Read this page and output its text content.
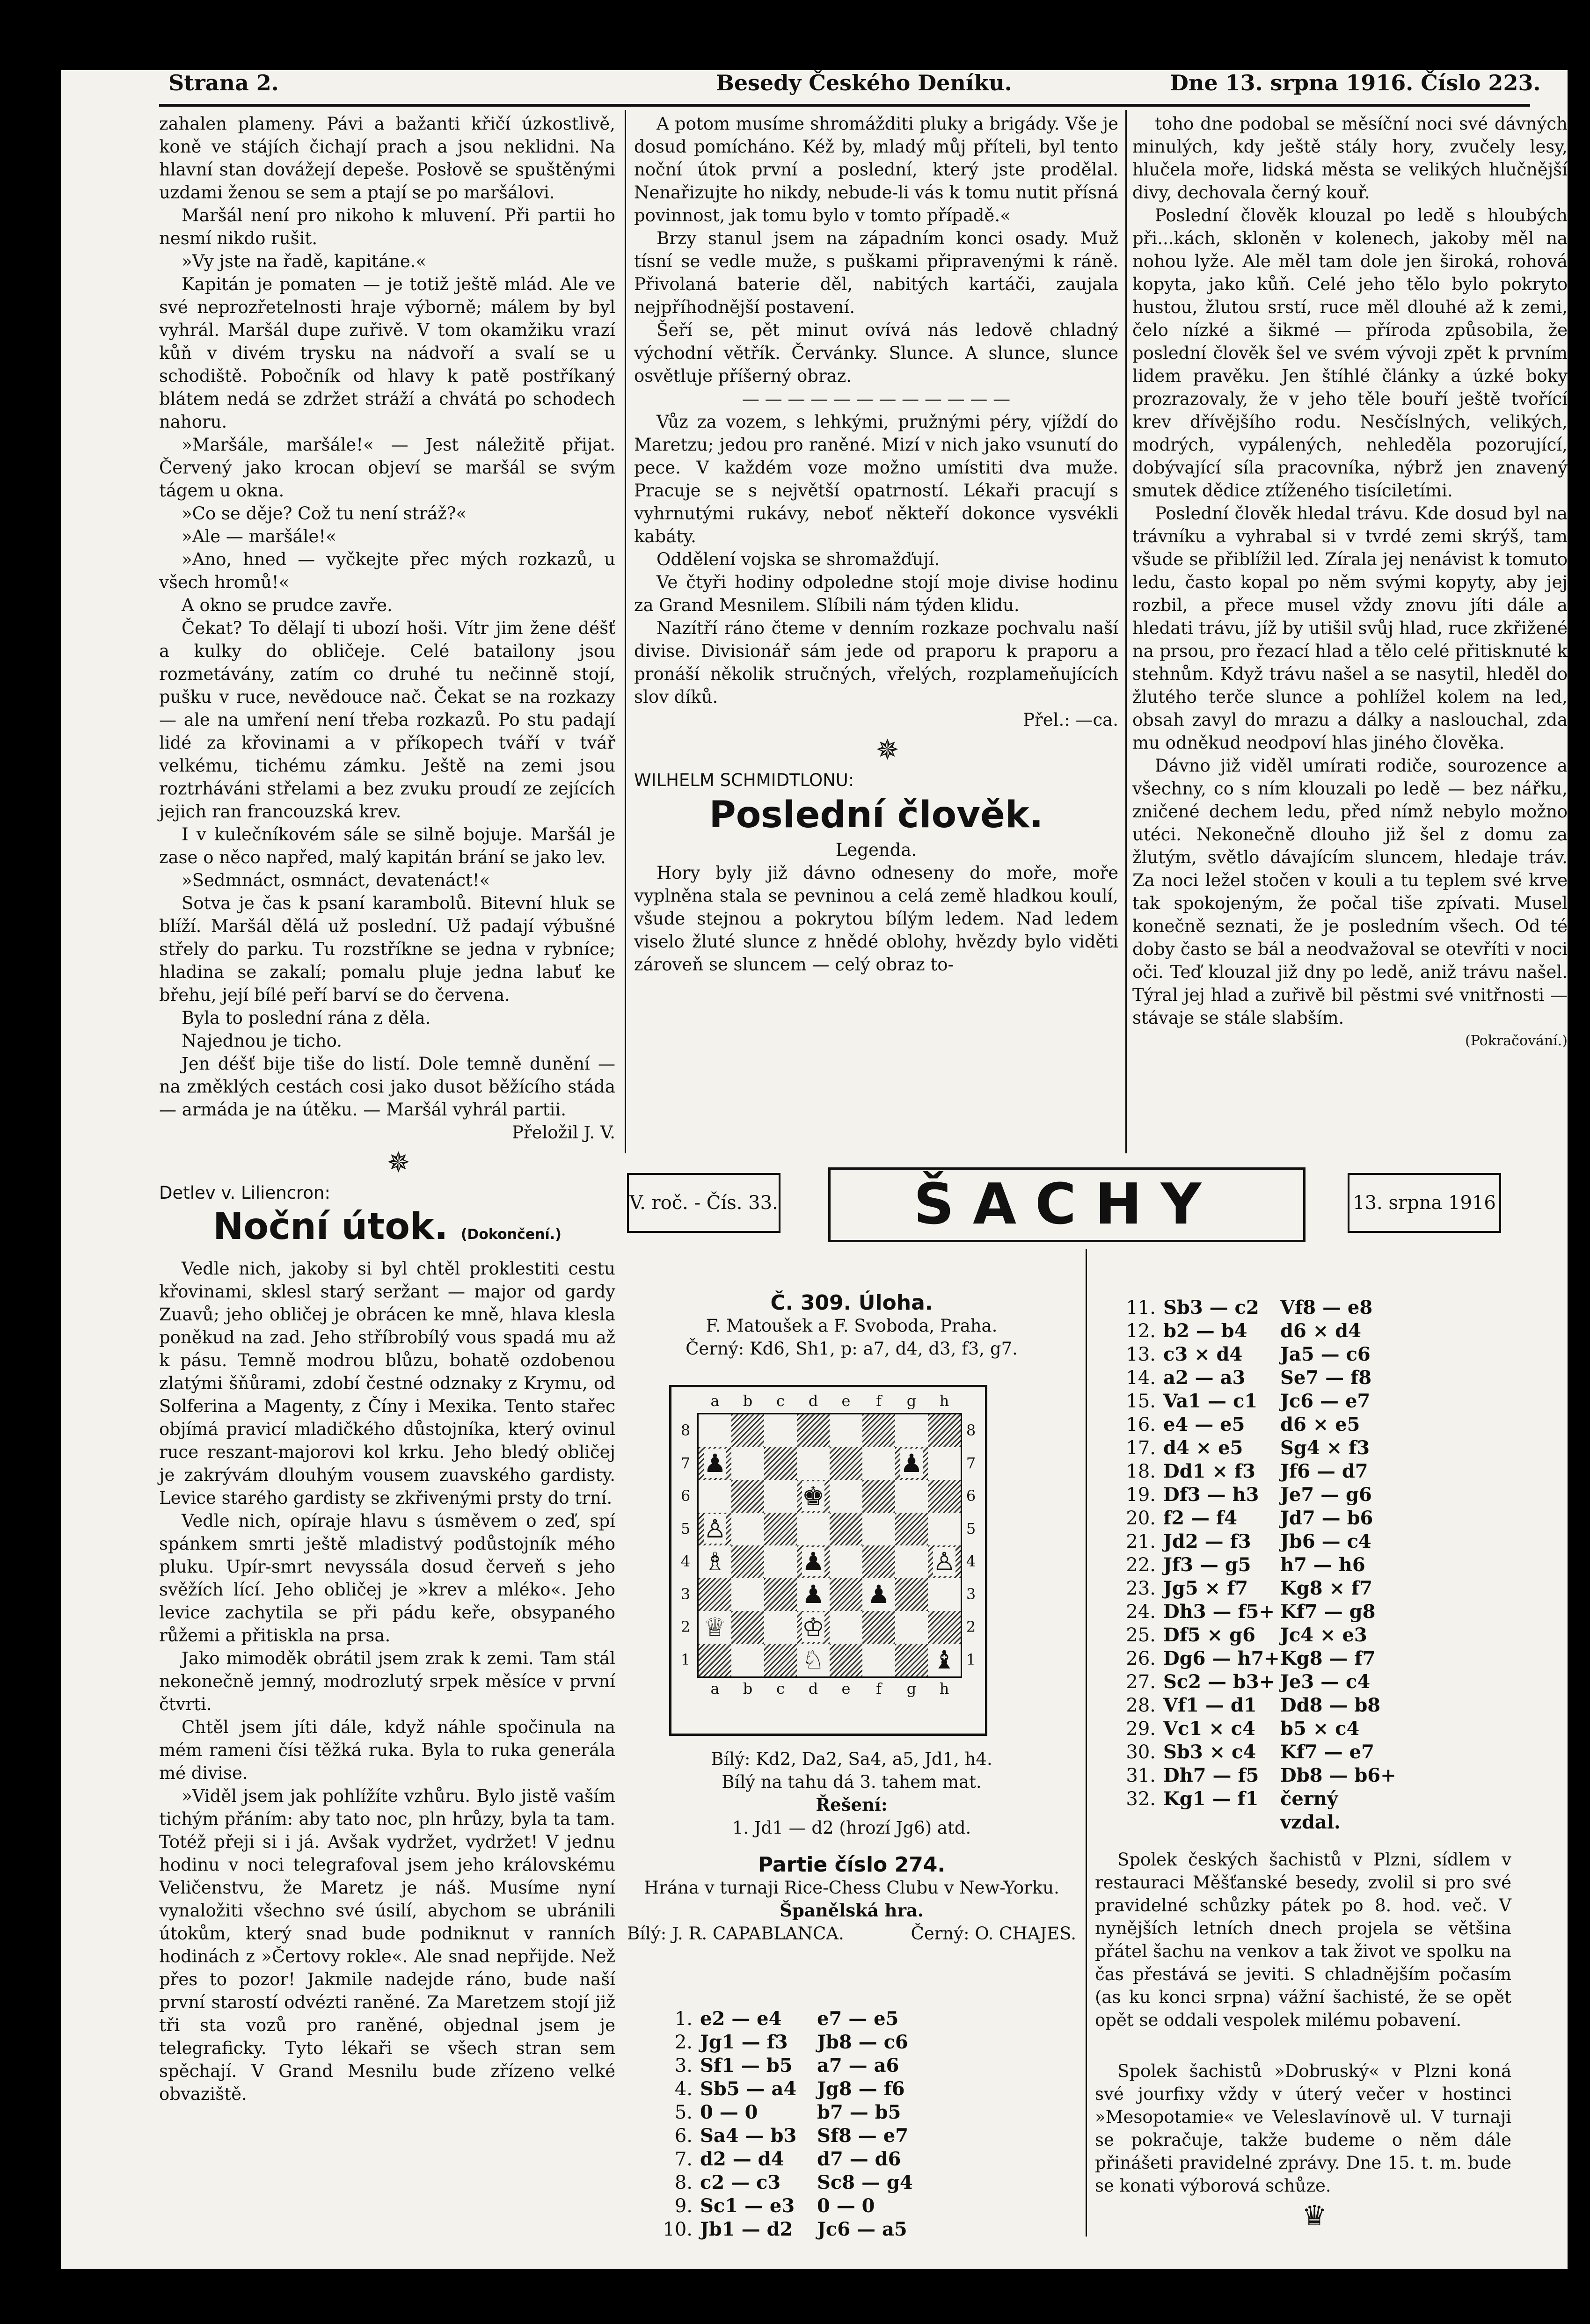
Strana 2.	Besedy Českého Deníku.	Dne 13. srpna 1916. Číslo 223.

zahalen plameny. Pávi a bažanti křičí úzkostlivě, koně ve stájích čichají prach a jsou neklidni. Na hlavní stan dovážejí depeše. Posłově se spuštěnými uzdami ženou se sem a ptají se po maršálovi.

Maršál není pro nikoho k mluvení. Při partii ho nesmí nikdo rušit.

»Vy jste na řadě, kapitáne.«

Kapitán je pomaten — je totiž ještě mlád. Ale ve své neprozřetelnosti hraje výborně; málem by byl vyhrál. Maršál dupe zuřivě. V tom okamžiku vrazí kůň v divém trysku na nádvoří a svalí se u schodiště. Pobočník od hlavy k patě postříkaný blátem nedá se zdržet stráží a chvátá po schodech nahoru.

»Maršále, maršále!« — Jest náležitě přijat. Červený jako krocan objeví se maršál se svým tágem u okna.

»Co se děje? Což tu není stráž?«

»Ale — maršále!«

»Ano, hned — vyčkejte přec mých rozkazů, u všech hromů!«

A okno se prudce zavře.

Čekat? To dělají ti ubozí hoši. Vítr jim žene déšť a kulky do obličeje. Celé batailony jsou rozmetávány, zatím co druhé tu nečinně stojí, pušku v ruce, nevědouce nač. Čekat se na rozkazy — ale na umření není třeba rozkazů. Po stu padají lidé za křovinami a v příkopech tváří v tvář velkému, tichému zámku. Ještě na zemi jsou roztrháváni střelami a bez zvuku proudí ze zejících jejich ran francouzská krev.

I v kulečníkovém sále se silně bojuje. Maršál je zase o něco napřed, malý kapitán brání se jako lev.

»Sedmnáct, osmnáct, devatenáct!«

Sotva je čas k psaní karambolů. Bitevní hluk se blíží. Maršál dělá už poslední. Už padají výbušné střely do parku. Tu rozstříkne se jedna v rybníce; hladina se zakalí; pomalu pluje jedna labuť ke břehu, její bílé peří barví se do červena.

Byla to poslední rána z děla.

Najednou je ticho.

Jen déšť bije tiše do listí. Dole temně dunění — na změklých cestách cosi jako dusot běžícího stáda — armáda je na útěku. — Maršál vyhrál partii.

Přeložil J. V.

✵

Detlev v. Liliencron:

Noční útok. (Dokončení.)

Vedle nich, jakoby si byl chtěl proklestiti cestu křovinami, sklesl starý seržant — major od gardy Zuavů; jeho obličej je obrácen ke mně, hlava klesla poněkud na zad. Jeho stříbrobílý vous spadá mu až k pásu. Temně modrou blůzu, bohatě ozdobenou zlatými šňůrami, zdobí čestné odznaky z Krymu, od Solferina a Magenty, z Číny i Mexika. Tento stařec objímá pravicí mladičkého důstojníka, který ovinul ruce reszant-majorovi kol krku. Jeho bledý obličej je zakrývám dlouhým vousem zuavského gardisty. Levice starého gardisty se zkřivenými prsty do trní.

Vedle nich, opíraje hlavu s úsměvem o zeď, spí spánkem smrti ještě mladistvý podůstojník mého pluku. Upír-smrt nevyssála dosud červeň s jeho svěžích lící. Jeho obličej je »krev a mléko«. Jeho levice zachytila se při pádu keře, obsypaného růžemi a přitiskla na prsa.

Jako mimoděk obrátil jsem zrak k zemi. Tam stál nekonečně jemný, modrozlutý srpek měsíce v první čtvrti.

Chtěl jsem jíti dále, když náhle spočinula na mém rameni čísi těžká ruka. Byla to ruka generála mé divise.

»Viděl jsem jak pohlížíte vzhůru. Bylo jistě vaším tichým přáním: aby tato noc, pln hrůzy, byla ta tam. Totéž přeji si i já. Avšak vydržet, vydržet! V jednu hodinu v noci telegrafoval jsem jeho královskému Veličenstvu, že Maretz je náš. Musíme nyní vynaložiti všechno své úsilí, abychom se ubránili útokům, který snad bude podniknut v ranních hodinách z »Čertovy rokle«. Ale snad nepřijde. Než přes to pozor! Jakmile nadejde ráno, bude naší první starostí odvézti raněné. Za Maretzem stojí již tři sta vozů pro raněné, objednal jsem je telegraficky. Tyto lékaři se všech stran sem spěchají. V Grand Mesnilu bude zřízeno velké obvaziště.

A potom musíme shromážditi pluky a brigády. Vše je dosud pomícháno. Kéž by, mladý můj příteli, byl tento noční útok první a poslední, který jste prodělal. Nenařizujte ho nikdy, nebude-li vás k tomu nutit přísná povinnost, jak tomu bylo v tomto případě.«

Brzy stanul jsem na západním konci osady. Muž tísní se vedle muže, s puškami připravenými k ráně. Přivolaná baterie děl, nabitých kartáči, zaujala nejpříhodnější postavení.

Šeří se, pět minut ovívá nás ledově chladný východní větřík. Červánky. Slunce. A slunce, slunce osvětluje příšerný obraz.

— — — — — — — — — — — —

Vůz za vozem, s lehkými, pružnými péry, vjíždí do Maretzu; jedou pro raněné. Mizí v nich jako vsunutí do pece. V každém voze možno umístiti dva muže. Pracuje se s největší opatrností. Lékaři pracují s vyhrnutými rukávy, neboť někteří dokonce vysvékli kabáty.

Oddělení vojska se shromažďují.

Ve čtyři hodiny odpoledne stojí moje divise hodinu za Grand Mesnilem. Slíbili nám týden klidu.

Nazítří ráno čteme v denním rozkaze pochvalu naší divise. Divisionář sám jede od praporu k praporu a pronáší několik stručných, vřelých, rozplameňujících slov díků.

Přel.: —ca.

✵

WILHELM SCHMIDTLONU:

Poslední člověk.

Legenda.

Hory byly již dávno odneseny do moře, moře vyplněna stala se pevninou a celá země hladkou koulí, všude stejnou a pokrytou bílým ledem. Nad ledem viselo žluté slunce z hnědé oblohy, hvězdy bylo viděti zároveň se sluncem — celý obraz to-

toho dne podobal se měsíční noci své dávných minulých, kdy ještě stály hory, zvučely lesy, hlučela moře, lidská města se velikých hlučnější divy, dechovala černý kouř.

Poslední člověk klouzal po ledě s hloubých při...kách, skloněn v kolenech, jakoby měl na nohou lyže. Ale měl tam dole jen široká, rohová kopyta, jako kůň. Celé jeho tělo bylo pokryto hustou, žlutou srstí, ruce měl dlouhé až k zemi, čelo nízké a šikmé — příroda způsobila, že poslední člověk šel ve svém vývoji zpět k prvním lidem pravěku. Jen štíhlé články a úzké boky prozrazovaly, že v jeho těle bouří ještě tvořící krev dřívějšího rodu. Nesčíslných, velikých, modrých, vypálených, nehleděla pozorující, dobývající síla pracovníka, nýbrž jen znavený smutek dědice ztíženého tisíciletími.

Poslední člověk hledal trávu. Kde dosud byl na trávníku a vyhrabal si v tvrdé zemi skrýš, tam všude se přiblížil led. Zírala jej nenávist k tomuto ledu, často kopal po něm svými kopyty, aby jej rozbil, a přece musel vždy znovu jíti dále a hledati trávu, jíž by utišil svůj hlad, ruce zkřižené na prsou, pro řezací hlad a tělo celé přitisknuté k stehnům. Když trávu našel a se nasytil, hleděl do žlutého terče slunce a pohlížel kolem na led, obsah zavyl do mrazu a dálky a naslouchal, zda mu odněkud neodpoví hlas jiného člověka.

Dávno již viděl umírati rodiče, sourozence a všechny, co s ním klouzali po ledě — bez nářku, zničené dechem ledu, před nímž nebylo možno utéci. Nekonečně dlouho již šel z domu za žlutým, světlo dávajícím sluncem, hledaje tráv. Za noci ležel stočen v kouli a tu teplem své krve tak spokojeným, že počal tiše zpívati. Musel konečně seznati, že je posledním všech. Od té doby často se bál a neodvažoval se otevříti v noci oči. Teď klouzal již dny po ledě, aniž trávu našel. Týral jej hlad a zuřivě bil pěstmi své vnitřnosti — stávaje se stále slabším.

(Pokračování.)

V. roč. - Čís. 33.	ŠACHY	13. srpna 1916

Č. 309. Úloha.

F. Matoušek a F. Svoboda, Praha.

Černý: Kd6, Sh1, p: a7, d4, d3, f3, g7.

♟	♟
♚
♙
♗	♟	♙
♟ ♟
♕	♔
♘	♝
a
a
b
b
c
c
d
d
e
e
f
f
g
g
h
h
8	8
7	7
6	6
5	5
4	4
3	3
2	2
1	1

Bílý: Kd2, Da2, Sa4, a5, Jd1, h4.

Bílý na tahu dá 3. tahem mat.

Řešení:

1. Jd1 — d2 (hrozí Jg6) atd.

Partie číslo 274.

Hrána v turnaji Rice-Chess Clubu v New-Yorku.

Španělská hra.

Bílý: J. R. CAPABLANCA.	Černý: O. CHAJES.
1. e2 — e4	e7 — e5
2. Jg1 — f3	Jb8 — c6
3. Sf1 — b5	a7 — a6
4. Sb5 — a4	Jg8 — f6
5. 0 — 0	b7 — b5
6. Sa4 — b3	Sf8 — e7
7. d2 — d4	d7 — d6
8. c2 — c3	Sc8 — g4
9. Sc1 — e3	0 — 0
10. Jb1 — d2	Jc6 — a5
11. Sb3 — c2	Vf8 — e8
12. b2 — b4	d6 × d4
13. c3 × d4	Ja5 — c6
14. a2 — a3	Se7 — f8
15. Va1 — c1	Jc6 — e7
16. e4 — e5	d6 × e5
17. d4 × e5	Sg4 × f3
18. Dd1 × f3	Jf6 — d7
19. Df3 — h3	Je7 — g6
20. f2 — f4	Jd7 — b6
21. Jd2 — f3	Jb6 — c4
22. Jf3 — g5	h7 — h6
23. Jg5 × f7	Kg8 × f7
24. Dh3 — f5+ Kf7 — g8
25. Df5 × g6	Jc4 × e3
26. Dg6 — h7+ Kg8 — f7
27. Sc2 — b3+ Je3 — c4
28. Vf1 — d1	Dd8 — b8
29. Vc1 × c4	b5 × c4
30. Sb3 × c4	Kf7 — e7
31. Dh7 — f5	Db8 — b6+
32. Kg1 — f1	černý vzdal.

Spolek českých šachistů v Plzni, sídlem v restauraci Měšťanské besedy, zvolil si pro své pravidelné schůzky pátek po 8. hod. več. V nynějších letních dnech projela se většina přátel šachu na venkov a tak život ve spolku na čas přestává se jeviti. S chladnějším počasím (as ku konci srpna) vážní šachisté, že se opět opět se oddali vespolek milému pobavení.

Spolek šachistů »Dobruský« v Plzni koná své jourfixy vždy v úterý večer v hostinci »Mesopotamie« ve Veleslavínově ul. V turnaji se pokračuje, takže budeme o něm dále přinášeti pravidelné zprávy. Dne 15. t. m. bude se konati výborová schůze.

♛
